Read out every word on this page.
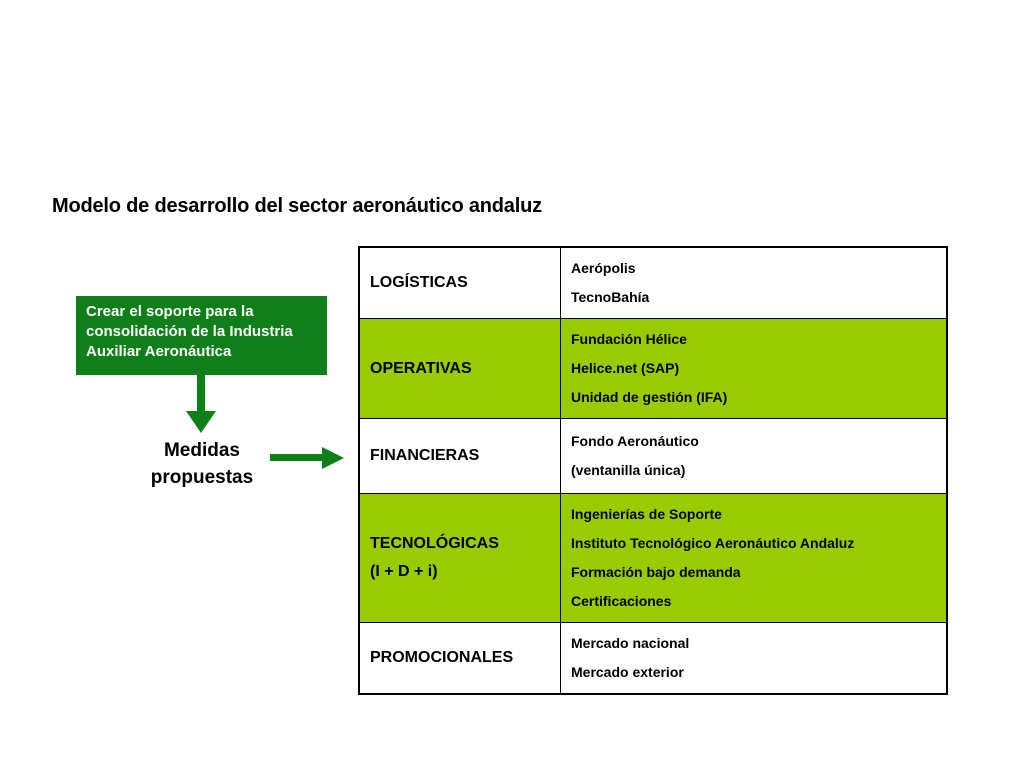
Modelo de desarrollo del sector aeronáutico andaluz
Crear el soporte para la
consolidación de la Industria
Auxiliar Aeronáutica
Medidas
propuestas
LOGÍSTICAS	Aerópolis
TecnoBahía

OPERATIVAS	Fundación Hélice
Helice.net (SAP)
Unidad de gestión (IFA)

FINANCIERAS	Fondo Aeronáutico
(ventanilla única)

TECNOLÓGICAS
(I + D + i)	Ingenierías de Soporte
Instituto Tecnológico Aeronáutico Andaluz
Formación bajo demanda
Certificaciones

PROMOCIONALES	Mercado nacional
Mercado exterior
